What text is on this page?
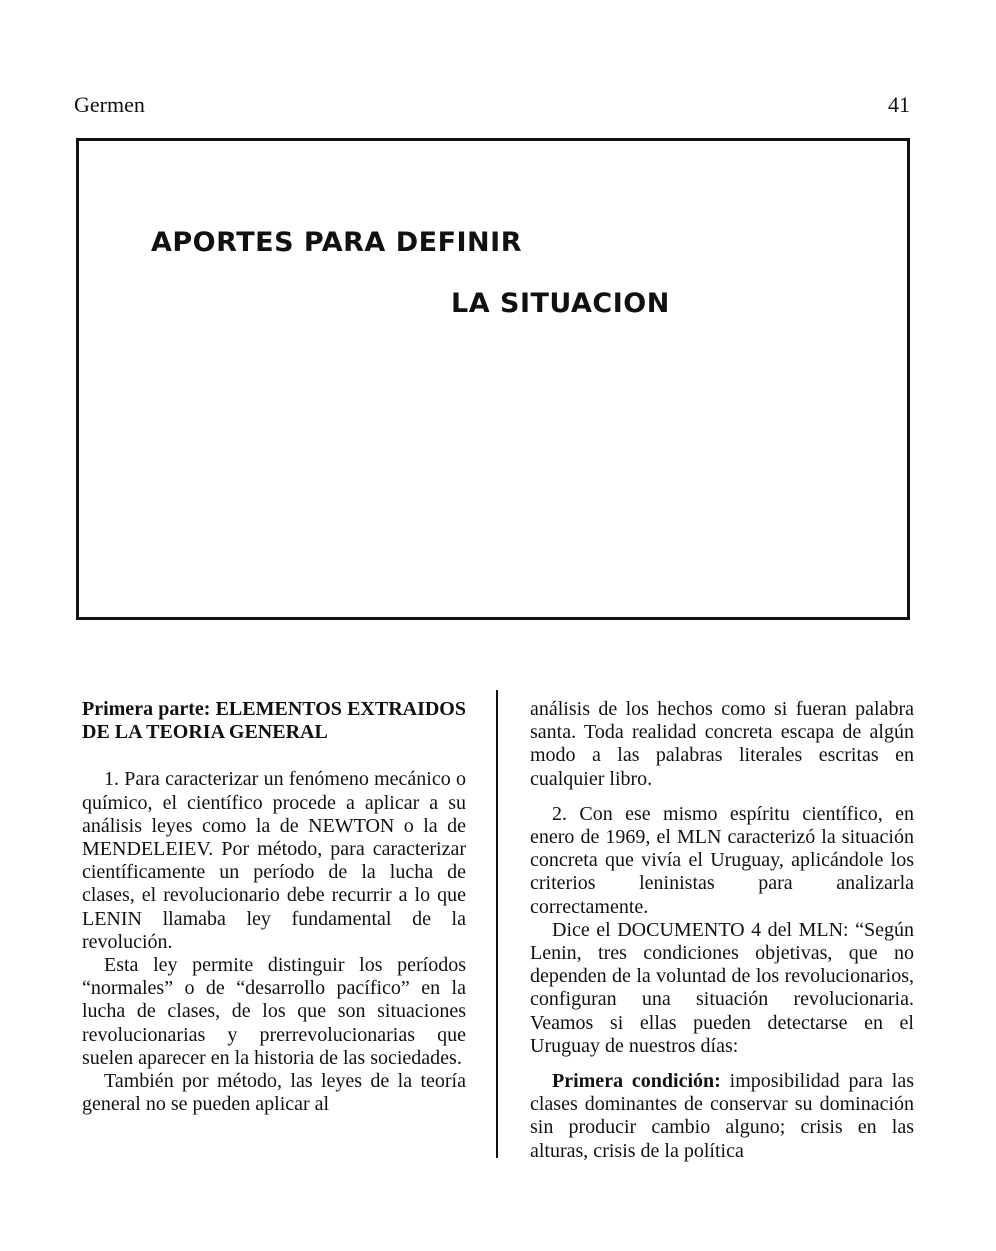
Germen	41
APORTES PARA DEFINIR
LA SITUACION

Primera parte: ELEMENTOS EXTRAIDOS DE LA TEORIA GENERAL

1. Para caracterizar un fenómeno mecánico o químico, el científico procede a aplicar a su análisis leyes como la de NEWTON o la de MENDELEIEV. Por método, para caracterizar científicamente un período de la lucha de clases, el revolucionario debe recurrir a lo que LENIN llamaba ley fundamental de la revolución.

Esta ley permite distinguir los períodos “normales” o de “desarrollo pacífico” en la lucha de clases, de los que son situaciones revolucionarias y prerrevolucionarias que suelen aparecer en la historia de las sociedades.

También por método, las leyes de la teoría general no se pueden aplicar al

análisis de los hechos como si fueran palabra santa. Toda realidad concreta escapa de algún modo a las palabras literales escritas en cualquier libro.

2. Con ese mismo espíritu científico, en enero de 1969, el MLN caracterizó la situación concreta que vivía el Uruguay, aplicándole los criterios leninistas para analizarla correctamente.

Dice el DOCUMENTO 4 del MLN: “Según Lenin, tres condiciones objetivas, que no dependen de la voluntad de los revolucionarios, configuran una situación revolucionaria. Veamos si ellas pueden detectarse en el Uruguay de nuestros días:

Primera condición: imposibilidad para las clases dominantes de conservar su dominación sin producir cambio alguno; crisis en las alturas, crisis de la política
